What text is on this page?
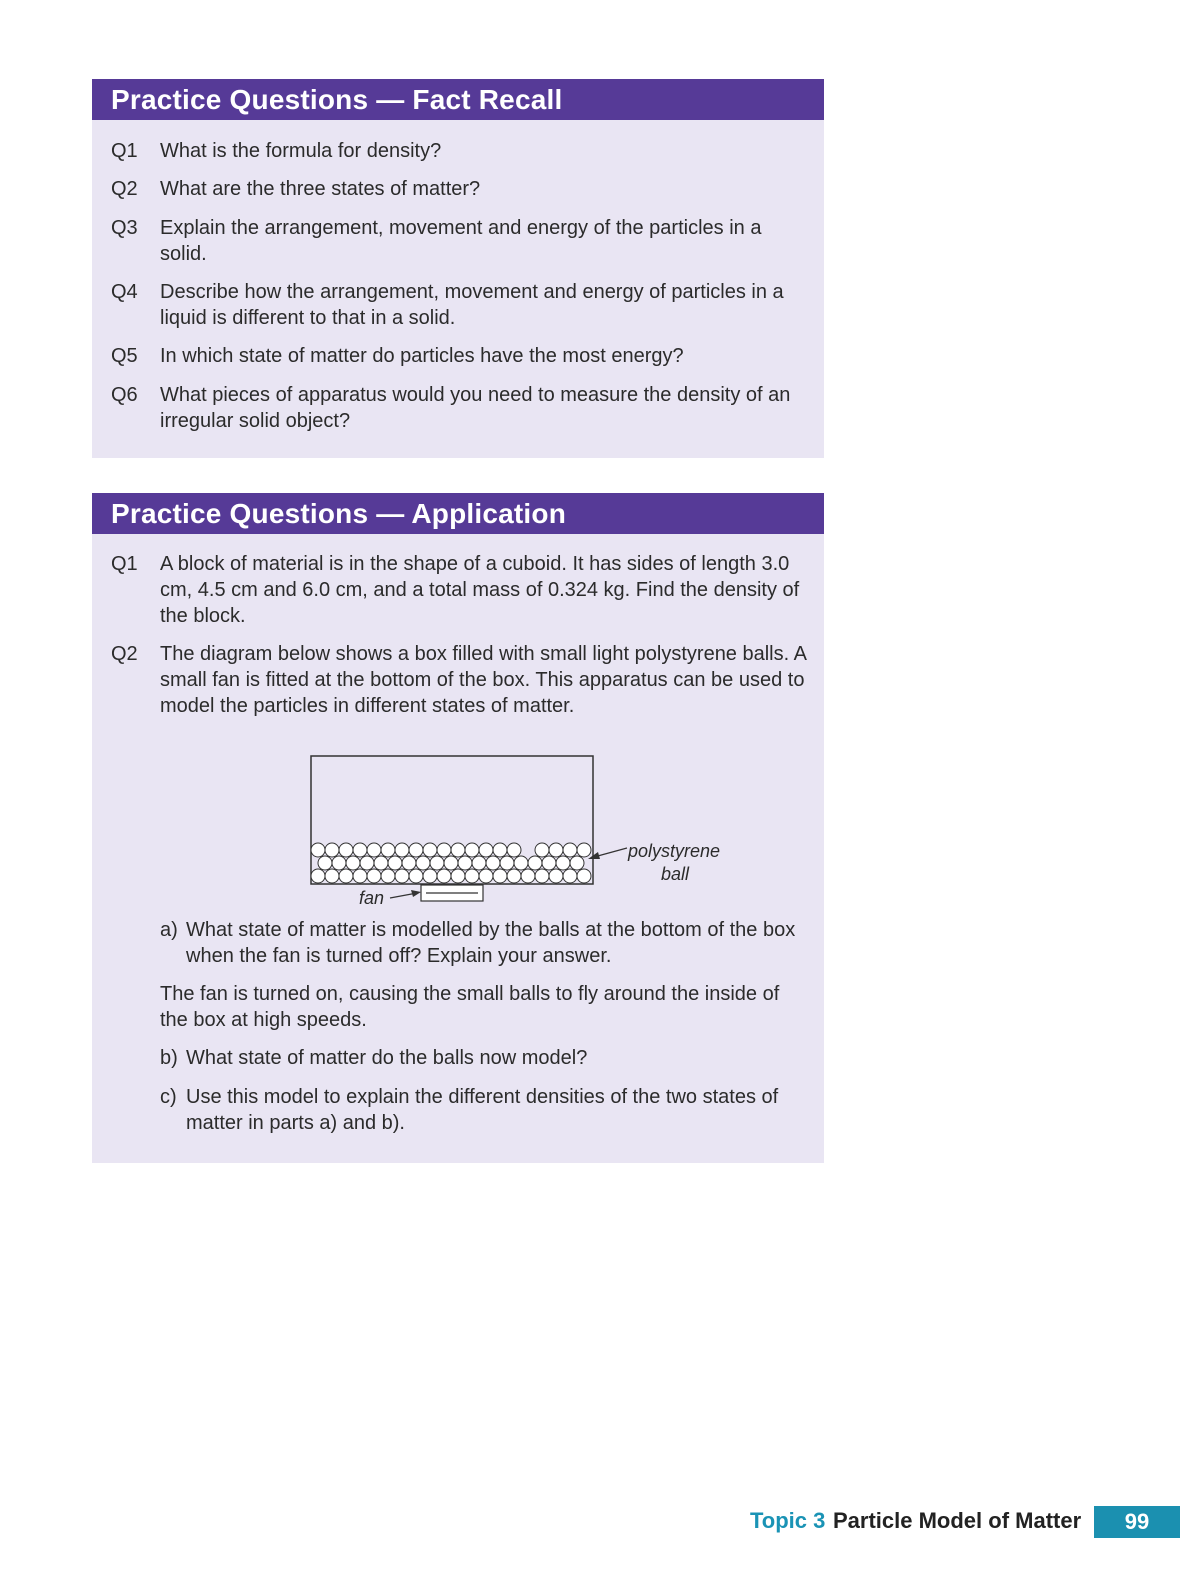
Practice Questions — Fact Recall
Q1	What is the formula for density?
Q2	What are the three states of matter?
Q3	Explain the arrangement, movement and energy of the particles in a solid.
Q4	Describe how the arrangement, movement and energy of particles in a liquid is different to that in a solid.
Q5	In which state of matter do particles have the most energy?
Q6	What pieces of apparatus would you need to measure the density of an irregular solid object?
Practice Questions — Application
Q1	A block of material is in the shape of a cuboid. It has sides of length 3.0 cm, 4.5 cm and 6.0 cm, and a total mass of 0.324 kg. Find the density of the block.
Q2	The diagram below shows a box filled with small light polystyrene balls. A small fan is fitted at the bottom of the box. This apparatus can be used to model the particles in different states of matter.
polystyrene
ball
fan
a) What state of matter is modelled by the balls at the bottom of the box when the fan is turned off? Explain your answer.
The fan is turned on, causing the small balls to fly around the inside of the box at high speeds.
b) What state of matter do the balls now model?
c) Use this model to explain the different densities of the two states of matter in parts a) and b).
Topic 3 Particle Model of Matter	99
